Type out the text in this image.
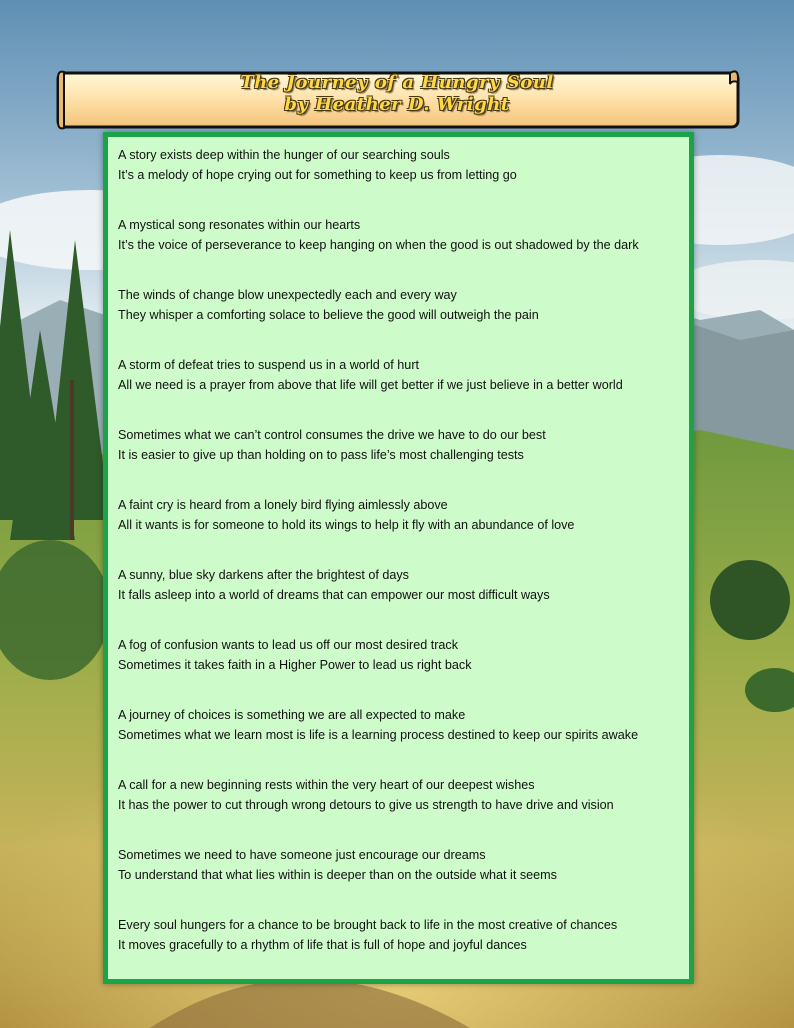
The Journey of a Hungry Soul
by Heather D. Wright
A story exists deep within the hunger of our searching souls
It’s a melody of hope crying out for something to keep us from letting go
A mystical song resonates within our hearts
It’s the voice of perseverance to keep hanging on when the good is out shadowed by the dark
The winds of change blow unexpectedly each and every way
They whisper a comforting solace to believe the good will outweigh the pain
A storm of defeat tries to suspend us in a world of hurt
All we need is a prayer from above that life will get better if we just believe in a better world
Sometimes what we can’t control consumes the drive we have to do our best
It is easier to give up than holding on to pass life’s most challenging tests
A faint cry is heard from a lonely bird flying aimlessly above
All it wants is for someone to hold its wings to help it fly with an abundance of love
A sunny, blue sky darkens after the brightest of days
It falls asleep into a world of dreams that can empower our most difficult ways
A fog of confusion wants to lead us off our most desired track
Sometimes it takes faith in a Higher Power to lead us right back
A journey of choices is something we are all expected to make
Sometimes what we learn most is life is a learning process destined to keep our spirits awake
A call for a new beginning rests within the very heart of our deepest wishes
It has the power to cut through wrong detours to give us strength to have drive and vision
Sometimes we need to have someone just encourage our dreams
To understand that what lies within is deeper than on the outside what it seems
Every soul hungers for a chance to be brought back to life in the most creative of chances
It moves gracefully to a rhythm of life that is full of hope and joyful dances
